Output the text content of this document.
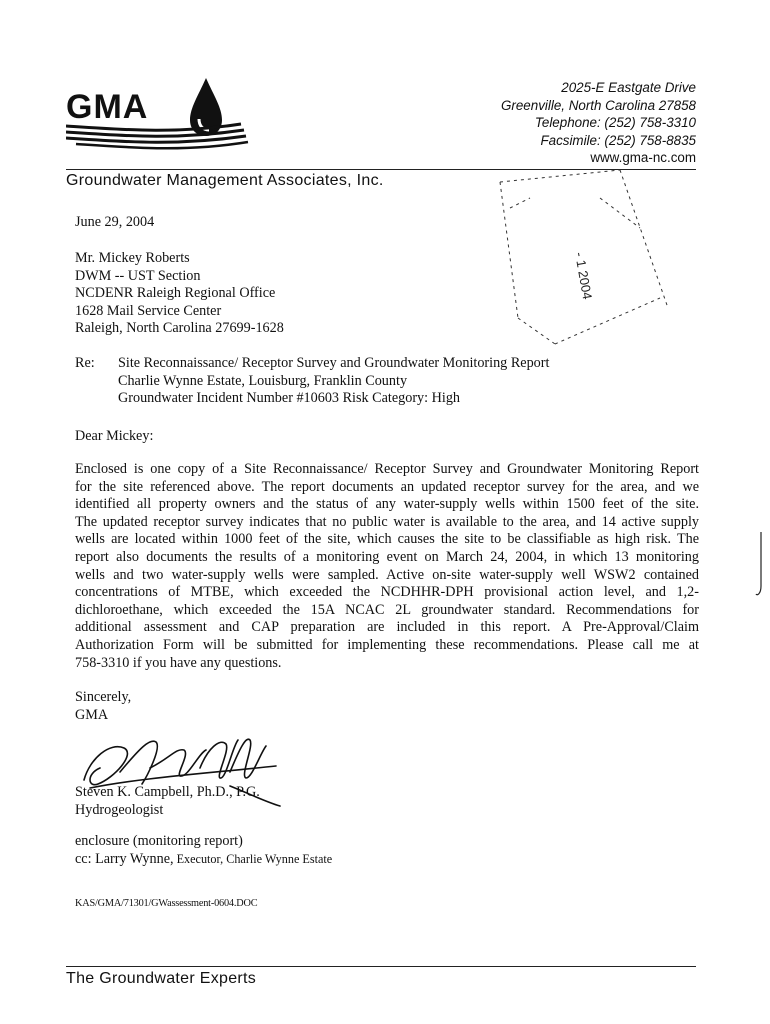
GMA
2025-E Eastgate Drive
Greenville, North Carolina 27858
Telephone: (252) 758-3310
Facsimile: (252) 758-8835
www.gma-nc.com
Groundwater Management Associates, Inc.
- 1 2004
June 29, 2004
Mr. Mickey Roberts
DWM -- UST Section
NCDENR Raleigh Regional Office
1628 Mail Service Center
Raleigh, North Carolina 27699-1628
Re: Site Reconnaissance/ Receptor Survey and Groundwater Monitoring Report
Charlie Wynne Estate, Louisburg, Franklin County
Groundwater Incident Number #10603 Risk Category: High
Dear Mickey:
Enclosed is one copy of a Site Reconnaissance/ Receptor Survey and Groundwater Monitoring Report
for the site referenced above. The report documents an updated receptor survey for the area, and we
identified all property owners and the status of any water-supply wells within 1500 feet of the site.
The updated receptor survey indicates that no public water is available to the area, and 14 active supply
wells are located within 1000 feet of the site, which causes the site to be classifiable as high risk. The
report also documents the results of a monitoring event on March 24, 2004, in which 13 monitoring
wells and two water-supply wells were sampled. Active on-site water-supply well WSW2 contained
concentrations of MTBE, which exceeded the NCDHHR-DPH provisional action level, and 1,2-
dichloroethane, which exceeded the 15A NCAC 2L groundwater standard. Recommendations for
additional assessment and CAP preparation are included in this report. A Pre-Approval/Claim
Authorization Form will be submitted for implementing these recommendations. Please call me at
758-3310 if you have any questions.
Sincerely,
GMA
Steven K. Campbell, Ph.D., P.G.
Hydrogeologist
enclosure (monitoring report)
cc: Larry Wynne, Executor, Charlie Wynne Estate
KAS/GMA/71301/GWassessment-0604.DOC
The Groundwater Experts
